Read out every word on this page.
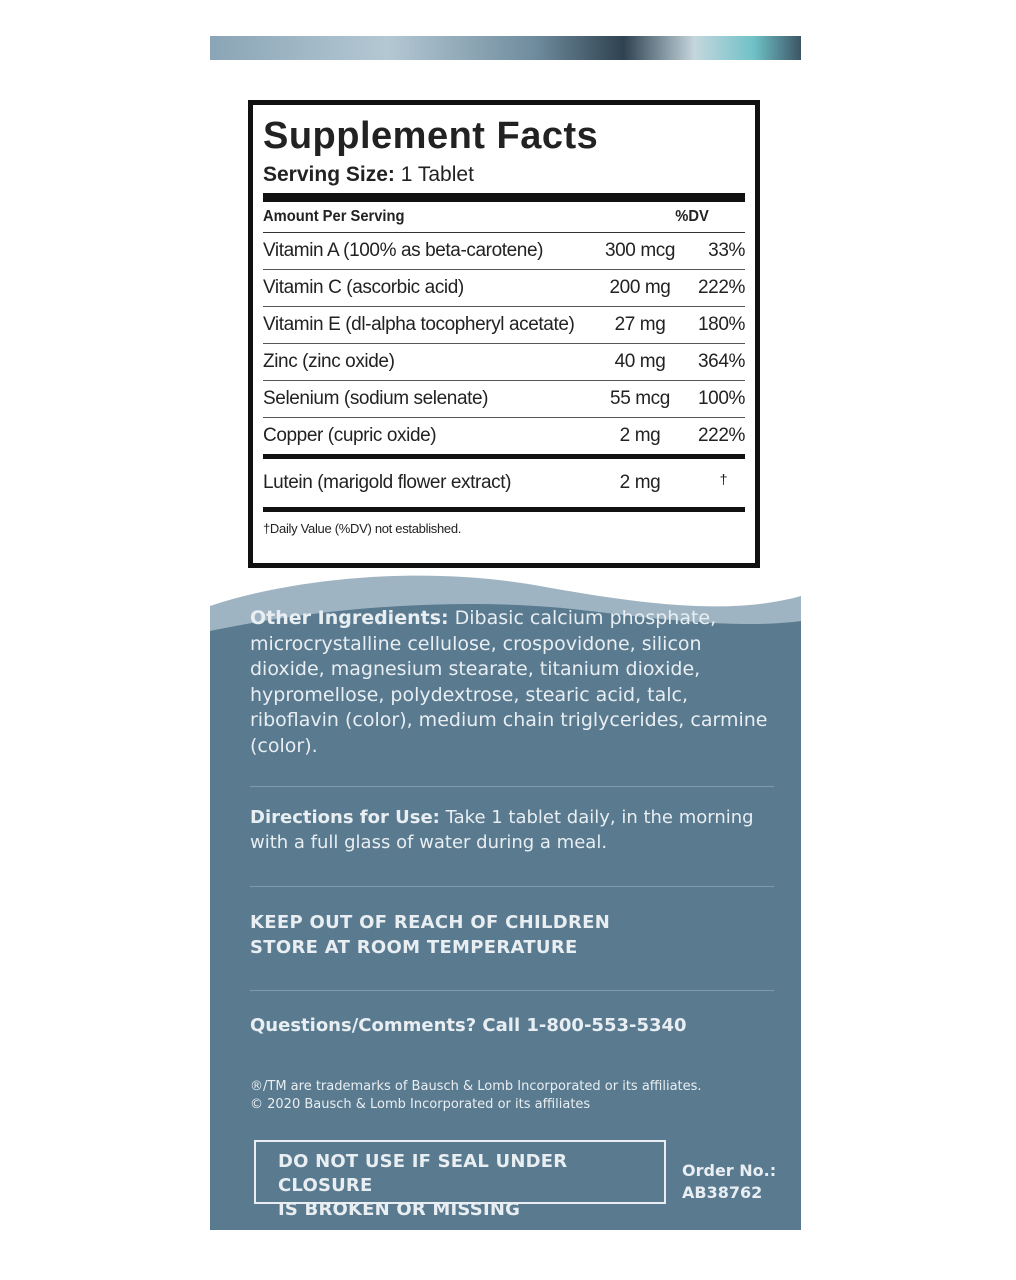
Supplement Facts
Serving Size: 1 Tablet
Amount Per Serving	%DV
Vitamin A (100% as beta-carotene)	300 mcg	33%
Vitamin C (ascorbic acid)	200 mg	222%
Vitamin E (dl-alpha tocopheryl acetate)	27 mg	180%
Zinc (zinc oxide)	40 mg	364%
Selenium (sodium selenate)	55 mcg	100%
Copper (cupric oxide)	2 mg	222%
Lutein (marigold flower extract)	2 mg	†
†Daily Value (%DV) not established.
Other Ingredients: Dibasic calcium phosphate, microcrystalline cellulose, crospovidone, silicon dioxide, magnesium stearate, titanium dioxide, hypromellose, polydextrose, stearic acid, talc, riboflavin (color), medium chain triglycerides, carmine (color).
Directions for Use: Take 1 tablet daily, in the morning with a full glass of water during a meal.
KEEP OUT OF REACH OF CHILDREN
STORE AT ROOM TEMPERATURE
Questions/Comments? Call 1-800-553-5340
®/TM are trademarks of Bausch & Lomb Incorporated or its affiliates.
© 2020 Bausch & Lomb Incorporated or its affiliates
DO NOT USE IF SEAL UNDER CLOSURE
IS BROKEN OR MISSING
Order No.:
AB38762
